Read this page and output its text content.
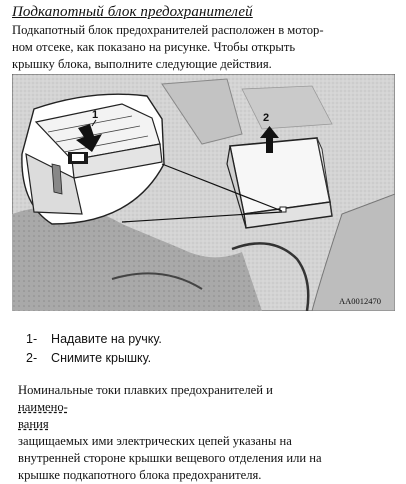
Подкапотный блок предохранителей
Подкапотный блок предохранителей расположен в мотор-
ном отсеке, как показано на рисунке. Чтобы открыть
крышку блока, выполните следующие действия.
2
1
AA0012470
1- Надавите на ручку.
2- Снимите крышку.
Номинальные токи плавких предохранителей и
наимено-
вания
защищаемых ими электрических цепей указаны на
внутренней стороне крышки вещевого отделения или на
крышке подкапотного блока предохранителя.
